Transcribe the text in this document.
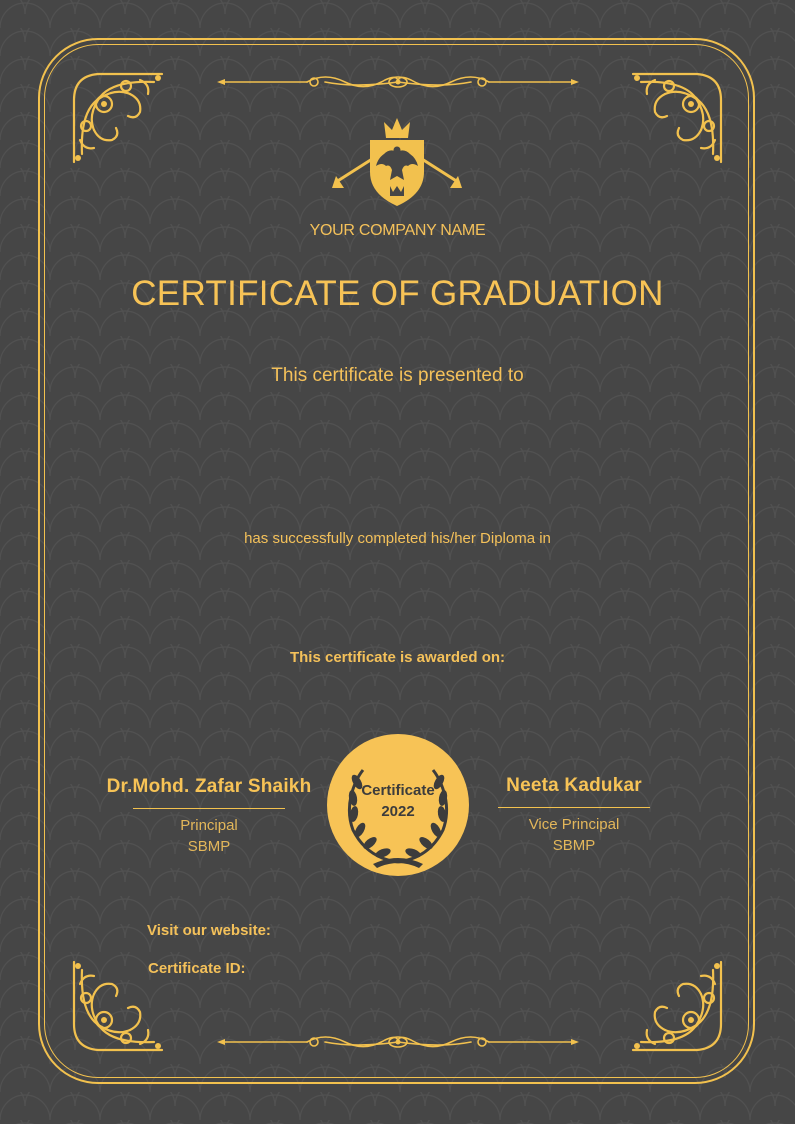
YOUR COMPANY NAME
CERTIFICATE OF GRADUATION
This certificate is presented to
has successfully completed his/her Diploma in
This certificate is awarded on:
Dr.Mohd. Zafar Shaikh
Principal
SBMP
Neeta Kadukar
Vice Principal
SBMP
Certificate
2022
Visit our website:
Certificate ID:
